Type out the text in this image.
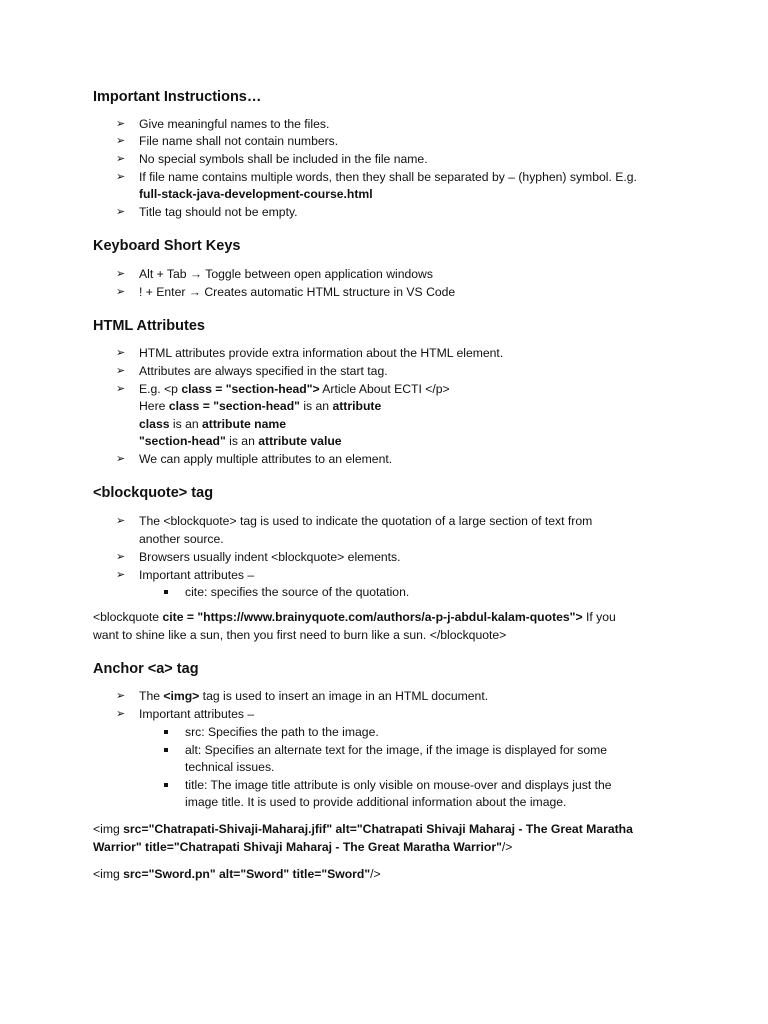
Important Instructions…
➢ Give meaningful names to the files.
➢ File name shall not contain numbers.
➢ No special symbols shall be included in the file name.
➢ If file name contains multiple words, then they shall be separated by – (hyphen) symbol. E.g.
full-stack-java-development-course.html
➢ Title tag should not be empty.
Keyboard Short Keys
➢ Alt + Tab → Toggle between open application windows
➢ ! + Enter → Creates automatic HTML structure in VS Code
HTML Attributes
➢ HTML attributes provide extra information about the HTML element.
➢ Attributes are always specified in the start tag.
➢ E.g. <p class = "section-head"> Article About ECTI </p>
Here class = "section-head" is an attribute
class is an attribute name
"section-head" is an attribute value
➢ We can apply multiple attributes to an element.
<blockquote> tag
➢ The <blockquote> tag is used to indicate the quotation of a large section of text from
another source.
➢ Browsers usually indent <blockquote> elements.
➢ Important attributes –
cite: specifies the source of the quotation.
<blockquote cite = "https://www.brainyquote.com/authors/a-p-j-abdul-kalam-quotes"> If you
want to shine like a sun, then you first need to burn like a sun. </blockquote>
Anchor <a> tag
➢ The <img> tag is used to insert an image in an HTML document.
➢ Important attributes –
src: Specifies the path to the image.
alt: Specifies an alternate text for the image, if the image is displayed for some
technical issues.
title: The image title attribute is only visible on mouse-over and displays just the
image title. It is used to provide additional information about the image.
<img src="Chatrapati-Shivaji-Maharaj.jfif" alt="Chatrapati Shivaji Maharaj - The Great Maratha
Warrior" title="Chatrapati Shivaji Maharaj - The Great Maratha Warrior"/>
<img src="Sword.pn" alt="Sword" title="Sword"/>
